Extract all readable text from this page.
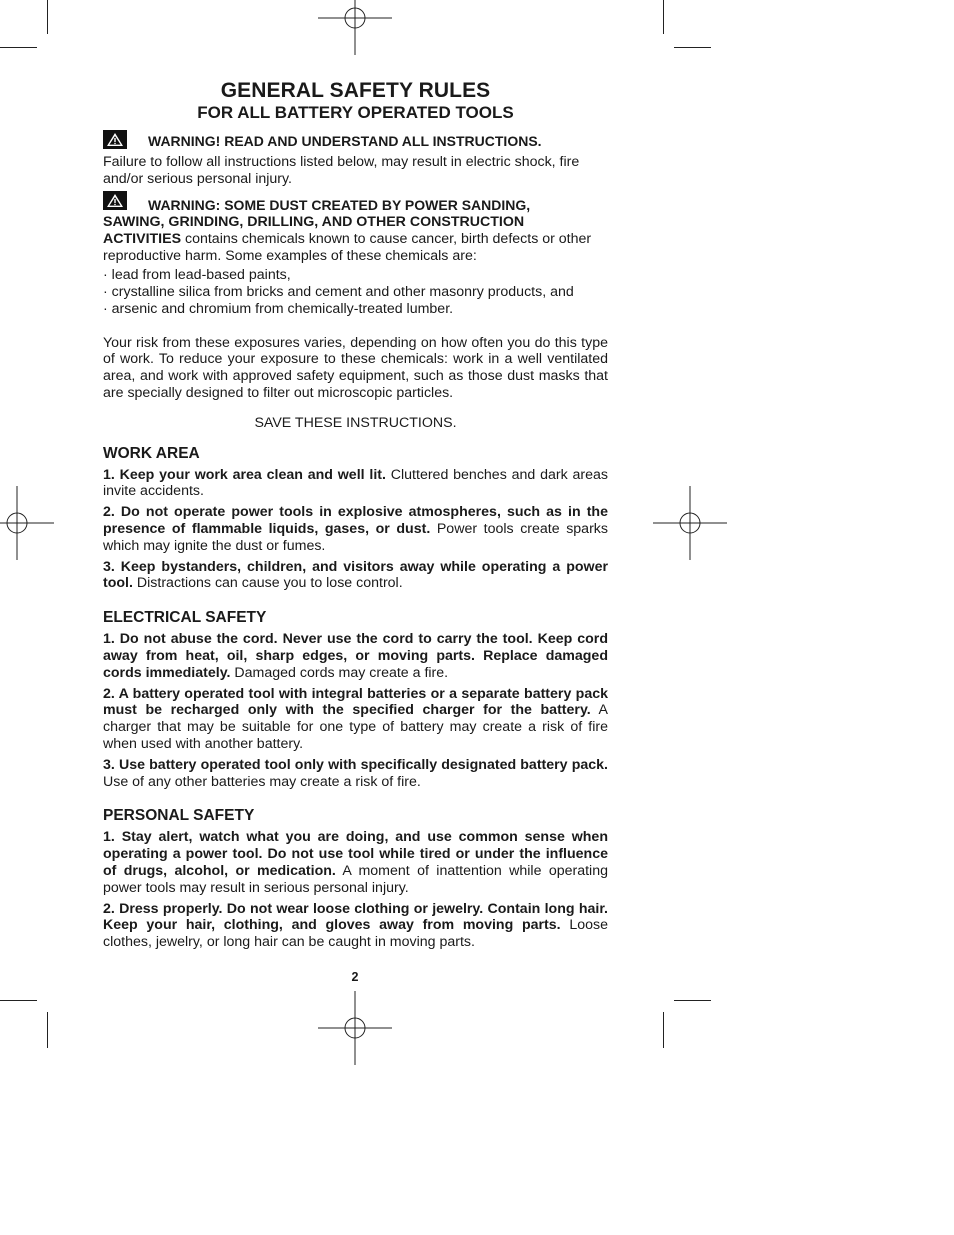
GENERAL SAFETY RULES
FOR ALL BATTERY OPERATED TOOLS
WARNING! READ AND UNDERSTAND ALL INSTRUCTIONS.

Failure to follow all instructions listed below, may result in electric shock, fire and/or serious personal injury.

WARNING: SOME DUST CREATED BY POWER SANDING,
SAWING, GRINDING, DRILLING, AND OTHER CONSTRUCTION

ACTIVITIES contains chemicals known to cause cancer, birth defects or other reproductive harm. Some examples of these chemicals are:

· lead from lead-based paints,
· crystalline silica from bricks and cement and other masonry products, and
· arsenic and chromium from chemically-treated lumber.

Your risk from these exposures varies, depending on how often you do this type of work. To reduce your exposure to these chemicals: work in a well ventilated area, and work with approved safety equipment, such as those dust masks that are specially designed to filter out microscopic particles.

SAVE THESE INSTRUCTIONS.
WORK AREA

1. Keep your work area clean and well lit. Cluttered benches and dark areas invite accidents.

2. Do not operate power tools in explosive atmospheres, such as in the presence of flammable liquids, gases, or dust. Power tools create sparks which may ignite the dust or fumes.

3. Keep bystanders, children, and visitors away while operating a power tool. Distractions can cause you to lose control.

ELECTRICAL SAFETY

1. Do not abuse the cord. Never use the cord to carry the tool. Keep cord away from heat, oil, sharp edges, or moving parts. Replace damaged cords immediately. Damaged cords may create a fire.

2. A battery operated tool with integral batteries or a separate battery pack must be recharged only with the specified charger for the battery. A charger that may be suitable for one type of battery may create a risk of fire when used with another battery.

3. Use battery operated tool only with specifically designated battery pack. Use of any other batteries may create a risk of fire.

PERSONAL SAFETY

1. Stay alert, watch what you are doing, and use common sense when operating a power tool. Do not use tool while tired or under the influence of drugs, alcohol, or medication. A moment of inattention while operating power tools may result in serious personal injury.

2. Dress properly. Do not wear loose clothing or jewelry. Contain long hair. Keep your hair, clothing, and gloves away from moving parts. Loose clothes, jewelry, or long hair can be caught in moving parts.

2
